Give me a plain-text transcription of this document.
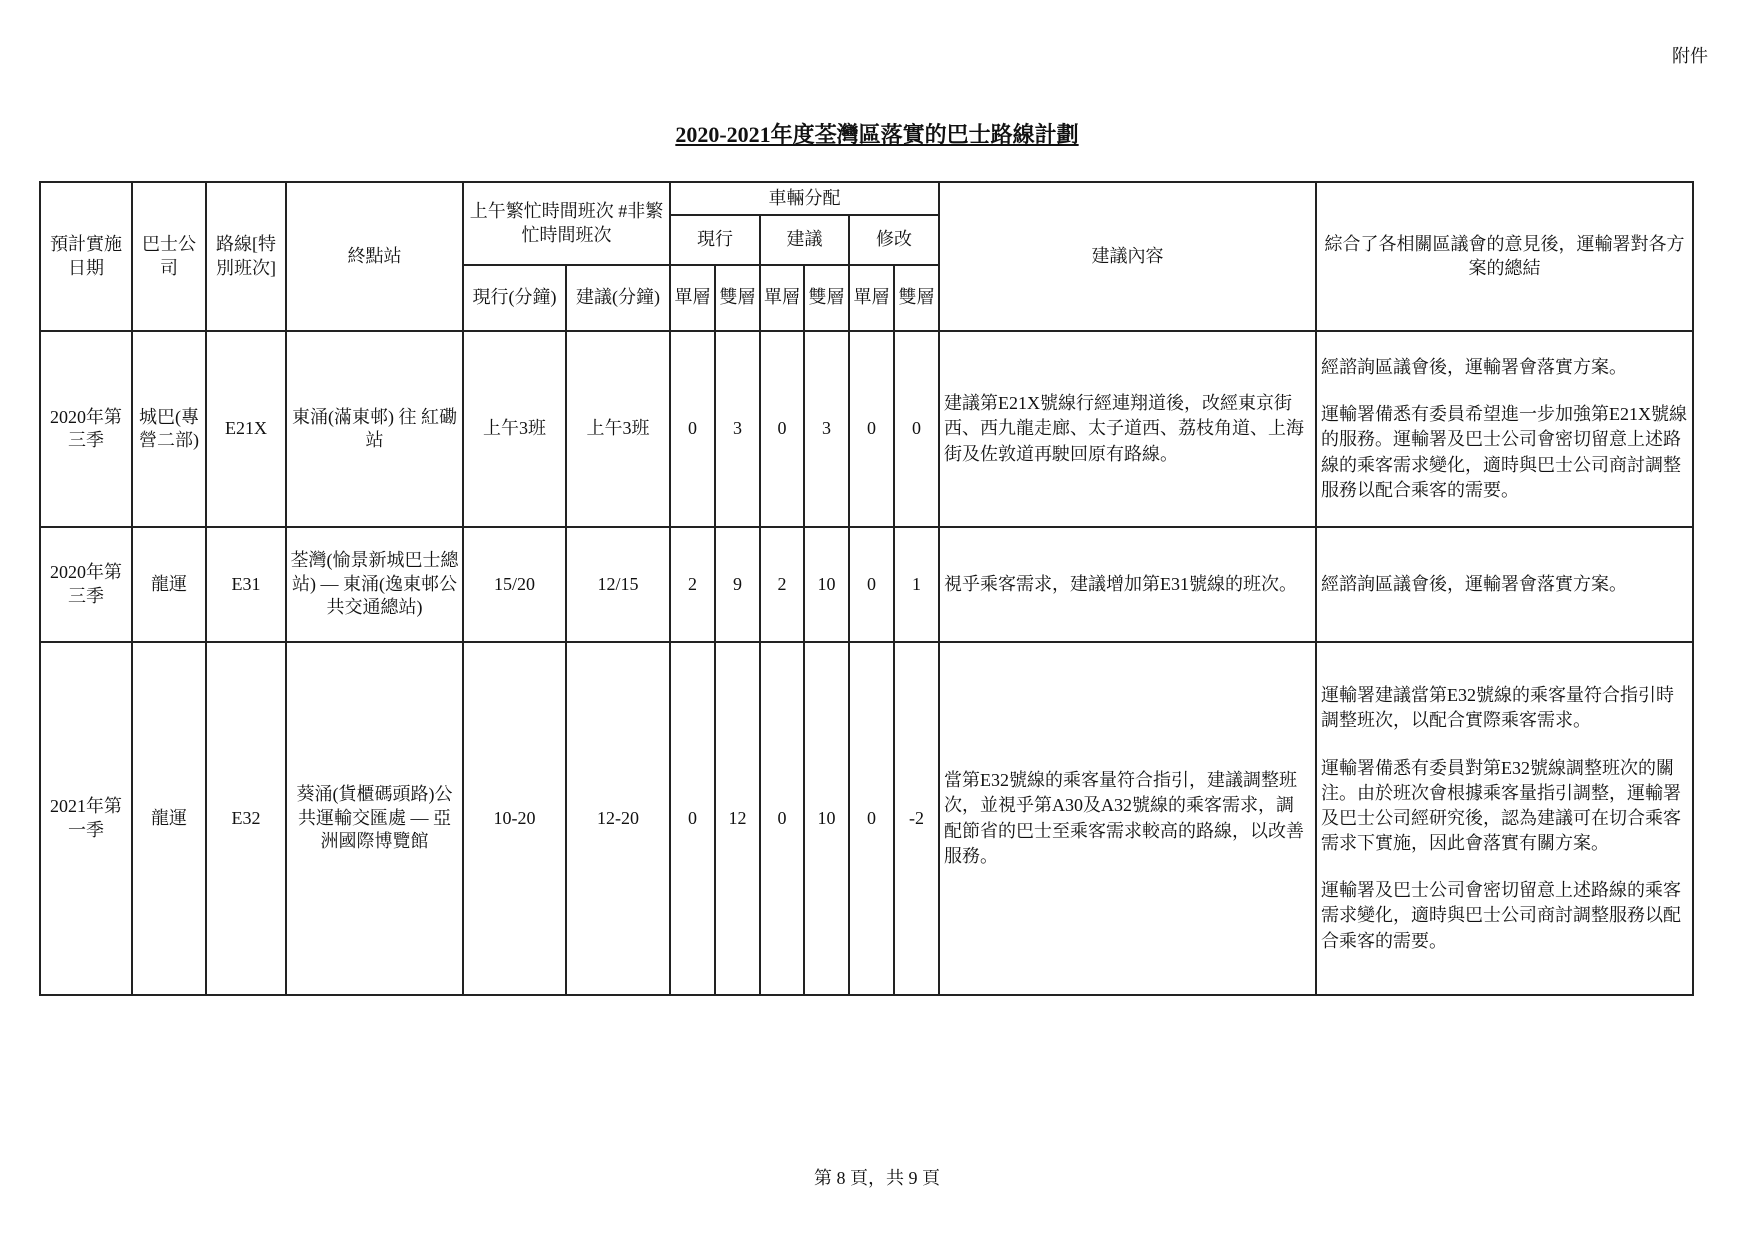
附件
2020-2021年度荃灣區落實的巴士路線計劃
預計實施日期	巴士公司	路線[特別班次]	終點站	上午繁忙時間班次 #非繁忙時間班次		車輛分配						建議內容	綜合了各相關區議會的意見後，運輸署對各方案的總結
						現行		建議		修改			
				現行(分鐘)	建議(分鐘)	單層	雙層	單層	雙層	單層	雙層		
2020年第三季	城巴(專營二部)	E21X	東涌(滿東邨) 往 紅磡站	上午3班	上午3班	0	3	0	3	0	0	建議第E21X號線行經連翔道後，改經東京街西、西九龍走廊、太子道西、荔枝角道、上海街及佐敦道再駛回原有路線。	經諮詢區議會後，運輸署會落實方案。

運輸署備悉有委員希望進一步加強第E21X號線的服務。運輸署及巴士公司會密切留意上述路線的乘客需求變化，適時與巴士公司商討調整服務以配合乘客的需要。

2020年第三季	龍運	E31	荃灣(愉景新城巴士總站) — 東涌(逸東邨公共交通總站)	15/20	12/15	2	9	2	10	0	1	視乎乘客需求，建議增加第E31號線的班次。	經諮詢區議會後，運輸署會落實方案。

2021年第一季	龍運	E32	葵涌(貨櫃碼頭路)公共運輸交匯處 — 亞洲國際博覽館	10-20	12-20	0	12	0	10	0	-2	當第E32號線的乘客量符合指引，建議調整班次，並視乎第A30及A32號線的乘客需求，調配節省的巴士至乘客需求較高的路線，以改善服務。	運輸署建議當第E32號線的乘客量符合指引時調整班次，以配合實際乘客需求。

運輸署備悉有委員對第E32號線調整班次的關注。由於班次會根據乘客量指引調整，運輸署及巴士公司經研究後，認為建議可在切合乘客需求下實施，因此會落實有關方案。

運輸署及巴士公司會密切留意上述路線的乘客需求變化，適時與巴士公司商討調整服務以配合乘客的需要。

第 8 頁，共 9 頁
